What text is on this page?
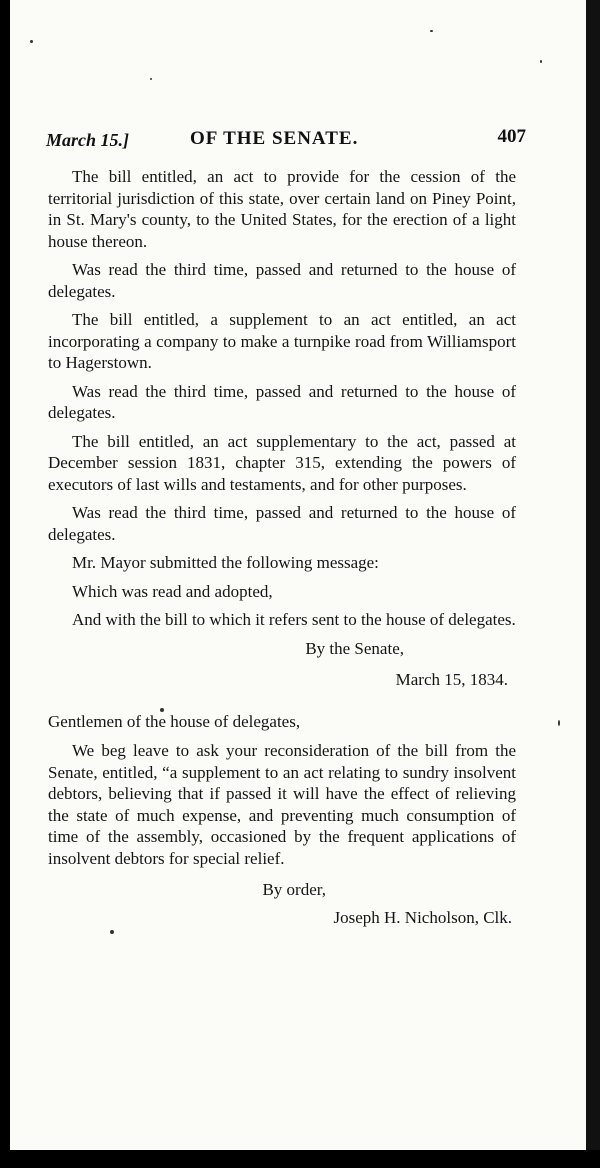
March 15.]	OF THE SENATE.	407

The bill entitled, an act to provide for the cession of the territorial jurisdiction of this state, over certain land on Piney Point, in St. Mary's county, to the United States, for the erection of a light house thereon.

Was read the third time, passed and returned to the house of delegates.

The bill entitled, a supplement to an act entitled, an act incorporating a company to make a turnpike road from Williamsport to Hagerstown.

Was read the third time, passed and returned to the house of delegates.

The bill entitled, an act supplementary to the act, passed at December session 1831, chapter 315, extending the powers of executors of last wills and testaments, and for other purposes.

Was read the third time, passed and returned to the house of delegates.

Mr. Mayor submitted the following message:

Which was read and adopted,

And with the bill to which it refers sent to the house of delegates.

By the Senate,
March 15, 1834.

Gentlemen of the house of delegates,

We beg leave to ask your reconsideration of the bill from the Senate, entitled, “a supplement to an act relating to sundry insolvent debtors, believing that if passed it will have the effect of relieving the state of much expense, and preventing much consumption of time of the assembly, occasioned by the frequent applications of insolvent debtors for special relief.

By order,
Joseph H. Nicholson, Clk.
